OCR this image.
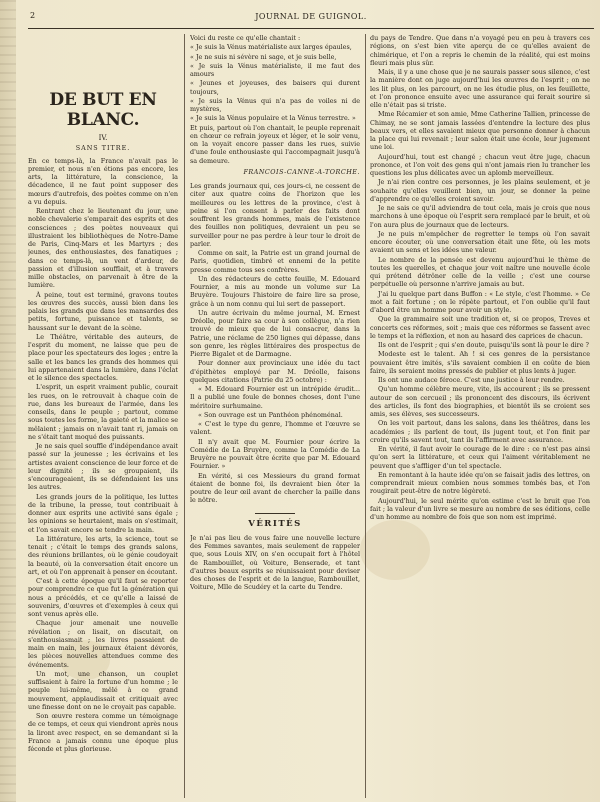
2	JOURNAL DE GUIGNOL.
DE BUT EN BLANC.
IV.
SANS TITRE.

En ce temps-là, la France n'avait pas le premier, et nous n'en étions pas encore, les arts, la littérature, la conscience, la décadence, il ne faut point supposer des mœurs d'autrefois, des poètes comme on n'en a vu depuis.

Rentrant chez le lieutenant du jour, une noble chevalerie s'emparait des esprits et des consciences ; des poètes nouveaux qui illustraient les bibliothèques de Notre-Dame de Paris, Cinq-Mars et les Martyrs ; des jeunes, des enthousiastes, des fanatiques ; dans ce temps-là, un vent d'ardeur, de passion et d'illusion soufflait, et à travers mille obstacles, on parvenait à être de la lumière.

À peine, tout est terminé, gravons toutes les œuvres des succès, aussi bien dans les palais les grands que dans les mansardes des petits, fortune, puissance et talents, se haussant sur le devant de la scène.

Le Théâtre, véritable des auteurs, de l'esprit du moment, ne laisse que peu de place pour les spectateurs des loges ; entre la salle et les bancs les grands des hommes qui lui appartenaient dans la lumière, dans l'éclat et le silence des spectacles.

L'esprit, un esprit vraiment public, courait les rues, on le retrouvait à chaque coin de rue, dans les bureaux de l'armée, dans les conseils, dans le peuple ; partout, comme sous toutes les forme, la gaieté et la malice se mêlaient ; jamais on n'avait tant ri, jamais on ne s'était tant moqué des puissants.

Je ne sais quel souffle d'indépendance avait passé sur la jeunesse ; les écrivains et les artistes avaient conscience de leur force et de leur dignité ; ils se groupaient, ils s'encourageaient, ils se défendaient les uns les autres.

Les grands jours de la politique, les luttes de la tribune, la presse, tout contribuait à donner aux esprits une activité sans égale ; les opinions se heurtaient, mais on s'estimait, et l'on savait encore se tendre la main.

La littérature, les arts, la science, tout se tenait ; c'était le temps des grands salons, des réunions brillantes, où le génie coudoyait la beauté, où la conversation était encore un art, et où l'on apprenait à penser en écoutant.

C'est à cette époque qu'il faut se reporter pour comprendre ce que fut la génération qui nous a précédés, et ce qu'elle a laissé de souvenirs, d'œuvres et d'exemples à ceux qui sont venus après elle.

Chaque jour amenait une nouvelle révélation ; on lisait, on discutait, on s'enthousiasmait ; les livres passaient de main en main, les journaux étaient dévorés, les pièces nouvelles attendues comme des événements.

Un mot, une chanson, un couplet suffisaient à faire la fortune d'un homme ; le peuple lui-même, mêlé à ce grand mouvement, applaudissait et critiquait avec une finesse dont on ne le croyait pas capable.

Son œuvre restera comme un témoignage de ce temps, et ceux qui viendront après nous la liront avec respect, en se demandant si la France a jamais connu une époque plus féconde et plus glorieuse.

Voici du reste ce qu'elle chantait :

« Je suis la Vénus matérialiste aux larges épaules,

« Je ne suis ni sévère ni sage, et je suis belle,

« Je suis la Vénus matérialiste, il me faut des amours

« Jeunes et joyeuses, des baisers qui durent toujours,

« Je suis la Vénus qui n'a pas de voiles ni de mystères,

« Je suis la Vénus populaire et la Vénus terrestre. »

Et puis, partout où l'on chantait, le peuple reprenait en chœur ce refrain joyeux et léger, et le soir venu, on la voyait encore passer dans les rues, suivie d'une foule enthousiaste qui l'accompagnait jusqu'à sa demeure.

FRANCOIS-CANNE-A-TORCHE.

Les grands journaux qui, ces jours-ci, ne cessent de citer aux quatre coins de l'horizon que les meilleures ou les lettres de la province, c'est à peine si l'on consent à parler des faits dont souffrent les grands hommes, mais de l'existence des feuilles non politiques, devraient un peu se surveiller pour ne pas perdre à leur tour le droit de parler.

Comme on sait, la Patrie est un grand journal de Paris, quotidien, timbré et ennemi de la petite presse comme tous ses confrères.

Un des rédacteurs de cette feuille, M. Edouard Fournier, a mis au monde un volume sur La Bruyère. Toujours l'histoire de faire lire sa prose, grâce à un nom connu qui lui sert de passeport.

Un autre écrivain du même journal, M. Ernest Dréolle, pour faire sa cour à son collègue, n'a rien trouvé de mieux que de lui consacrer, dans la Patrie, une réclame de 250 lignes qui dépasse, dans son genre, les règles littéraires des prospectus de Pierre Bigalet et de Darmagne.

Pour donner aux provinciaux une idée du tact d'épithètes employé par M. Dréolle, faisons quelques citations (Patrie du 25 octobre) :

« M. Edouard Fournier est un intrépide érudit... Il a publié une foule de bonnes choses, dont l'une méritoire surhumaine.

« Son ouvrage est un Panthéon phénoménal.

« C'est le type du genre, l'homme et l'œuvre se valent.

Il n'y avait que M. Fournier pour écrire la Comédie de La Bruyère, comme la Comédie de La Bruyère ne pouvait être écrite que par M. Edouard Fournier. »

En vérité, si ces Messieurs du grand format étaient de bonne foi, ils devraient bien ôter la poutre de leur œil avant de chercher la paille dans le nôtre.

VÉRITÉS

Je n'ai pas lieu de vous faire une nouvelle lecture des Femmes savantes, mais seulement de rappeler que, sous Louis XIV, on s'en occupait fort à l'hôtel de Rambouillet, où Voiture, Benserade, et tant d'autres beaux esprits se réunissaient pour deviser des choses de l'esprit et de la langue, Rambouillet, Voiture, Mlle de Scudéry et la carte du Tendre.

du pays de Tendre. Que dans n'a voyagé peu en peu à travers ces régions, on s'est bien vite aperçu de ce qu'elles avaient de chimérique, et l'on a repris le chemin de la réalité, qui est moins fleuri mais plus sûr.

Mais, il y a une chose que je ne saurais passer sous silence, c'est la manière dont on juge aujourd'hui les œuvres de l'esprit ; on ne les lit plus, on les parcourt, on ne les étudie plus, on les feuillette, et l'on prononce ensuite avec une assurance qui ferait sourire si elle n'était pas si triste.

Mme Récamier et son amie, Mme Catherine Tallien, princesse de Chimay, ne se sont jamais lassées d'entendre la lecture des plus beaux vers, et elles savaient mieux que personne donner à chacun la place qui lui revenait ; leur salon était une école, leur jugement une loi.

Aujourd'hui, tout est changé ; chacun veut être juge, chacun prononce, et l'on voit des gens qui n'ont jamais rien lu trancher les questions les plus délicates avec un aplomb merveilleux.

Je n'ai rien contre ces personnes, je les plains seulement, et je souhaite qu'elles veuillent bien, un jour, se donner la peine d'apprendre ce qu'elles croient savoir.

Je ne sais ce qu'il adviendra de tout cela, mais je crois que nous marchons à une époque où l'esprit sera remplacé par le bruit, et où l'on aura plus de journaux que de lecteurs.

Je ne puis m'empêcher de regretter le temps où l'on savait encore écouter, où une conversation était une fête, où les mots avaient un sens et les idées une valeur.

Le nombre de la pensée est devenu aujourd'hui le thème de toutes les querelles, et chaque jour voit naître une nouvelle école qui prétend détrôner celle de la veille ; c'est une course perpétuelle où personne n'arrive jamais au but.

J'ai lu quelque part dans Buffon : « Le style, c'est l'homme. » Ce mot a fait fortune ; on le répète partout, et l'on oublie qu'il faut d'abord être un homme pour avoir un style.

Que la grammaire soit une tradition et, si ce propos, Treves et concerts ces réformes, soit ; mais que ces réformes se fassent avec le temps et la réflexion, et non au hasard des caprices de chacun.

Ils ont de l'esprit ; qui s'en doute, puisqu'ils sont là pour le dire ?

Modeste est le talent. Ah ! si ces genres de la persistance pouvaient être imités, s'ils savaient combien il en coûte de bien faire, ils seraient moins pressés de publier et plus lents à juger.

Ils ont une audace féroce. C'est une justice à leur rendre.

Qu'un homme célèbre meure, vite, ils accourent ; ils se pressent autour de son cercueil ; ils prononcent des discours, ils écrivent des articles, ils font des biographies, et bientôt ils se croient ses amis, ses élèves, ses successeurs.

On les voit partout, dans les salons, dans les théâtres, dans les académies ; ils parlent de tout, ils jugent tout, et l'on finit par croire qu'ils savent tout, tant ils l'affirment avec assurance.

En vérité, il faut avoir le courage de le dire : ce n'est pas ainsi qu'on sert la littérature, et ceux qui l'aiment véritablement ne peuvent que s'affliger d'un tel spectacle.

En remontant à la haute idée qu'on se faisait jadis des lettres, on comprendrait mieux combien nous sommes tombés bas, et l'on rougirait peut-être de notre légèreté.

Aujourd'hui, le seul mérite qu'on estime c'est le bruit que l'on fait ; la valeur d'un livre se mesure au nombre de ses éditions, celle d'un homme au nombre de fois que son nom est imprimé.
